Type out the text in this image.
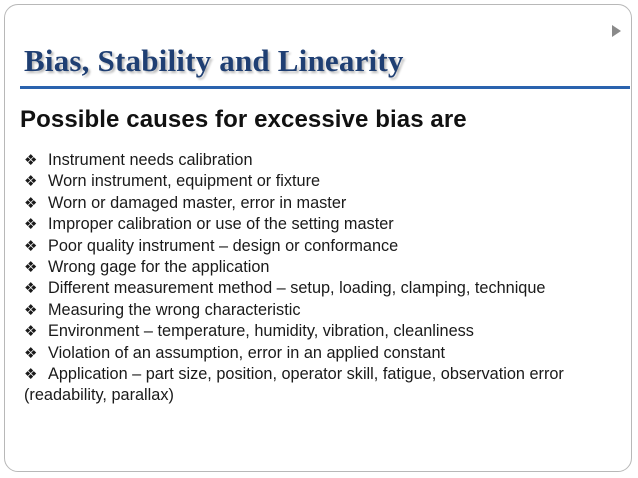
Bias, Stability and Linearity
Possible causes for excessive bias are
❖ Instrument needs calibration
❖ Worn instrument, equipment or fixture
❖ Worn or damaged master, error in master
❖ Improper calibration or use of the setting master
❖ Poor quality instrument – design or conformance
❖ Wrong gage for the application
❖ Different measurement method – setup, loading, clamping, technique
❖ Measuring the wrong characteristic
❖ Environment – temperature, humidity, vibration, cleanliness
❖ Violation of an assumption, error in an applied constant
❖ Application – part size, position, operator skill, fatigue, observation error (readability, parallax)
